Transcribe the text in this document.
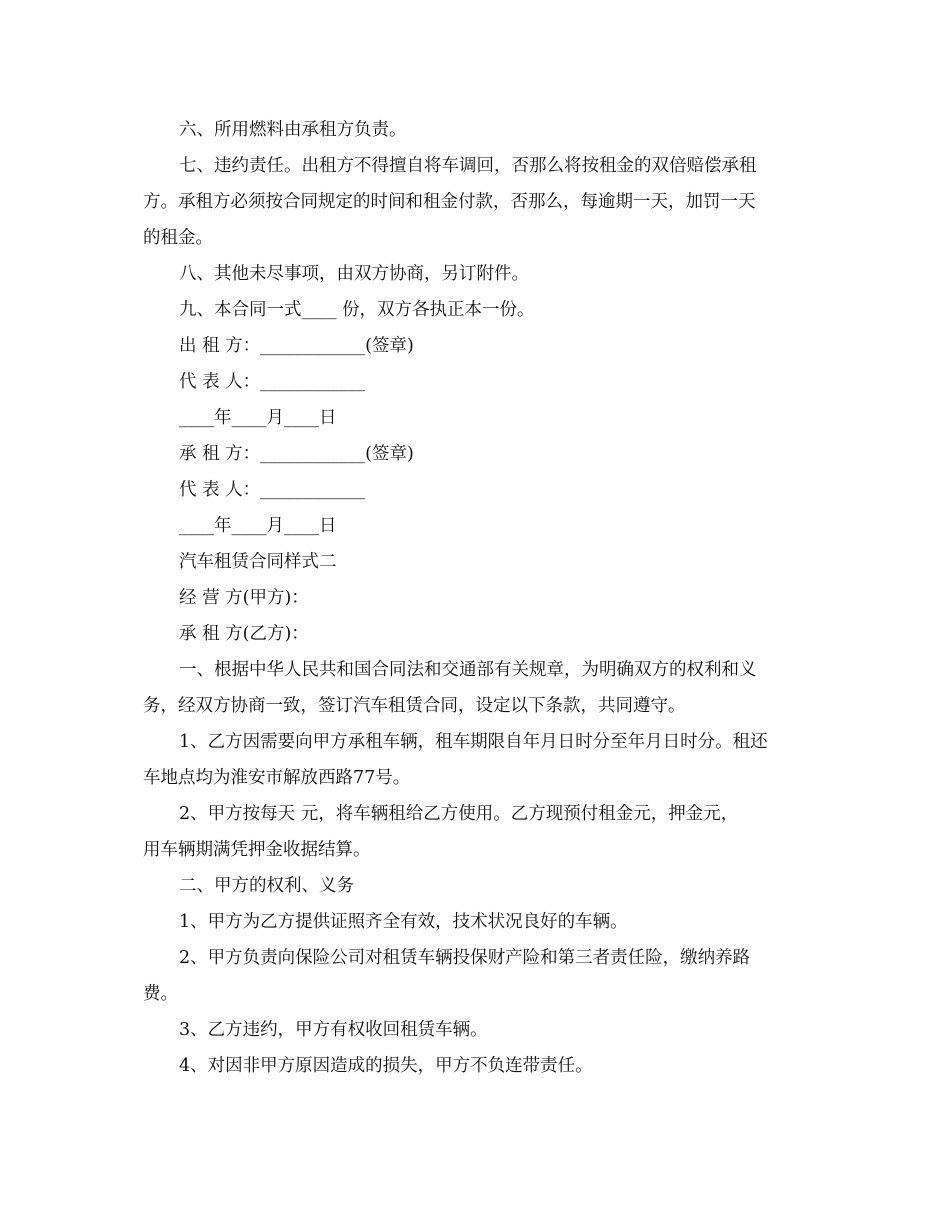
六、所用燃料由承租方负责。

七、违约责任。出租方不得擅自将车调回，否那么将按租金的双倍赔偿承租

方。承租方必须按合同规定的时间和租金付款，否那么，每逾期一天，加罚一天

的租金。

八、其他未尽事项，由双方协商，另订附件。

九、本合同一式____ 份，双方各执正本一份。

出 租 方：____________(签章)

代 表 人：____________

____年____月____日

承 租 方：____________(签章)

代 表 人：____________

____年____月____日

汽车租赁合同样式二

经 营 方(甲方)：

承 租 方(乙方)：

一、根据中华人民共和国合同法和交通部有关规章，为明确双方的权利和义

务，经双方协商一致，签订汽车租赁合同，设定以下条款，共同遵守。

1、乙方因需要向甲方承租车辆，租车期限自年月日时分至年月日时分。租还

车地点均为淮安市解放西路77号。

2、甲方按每天 元，将车辆租给乙方使用。乙方现预付租金元，押金元，

用车辆期满凭押金收据结算。

二、甲方的权利、义务

1、甲方为乙方提供证照齐全有效，技术状况良好的车辆。

2、甲方负责向保险公司对租赁车辆投保财产险和第三者责任险，缴纳养路

费。

3、乙方违约，甲方有权收回租赁车辆。

4、对因非甲方原因造成的损失，甲方不负连带责任。
